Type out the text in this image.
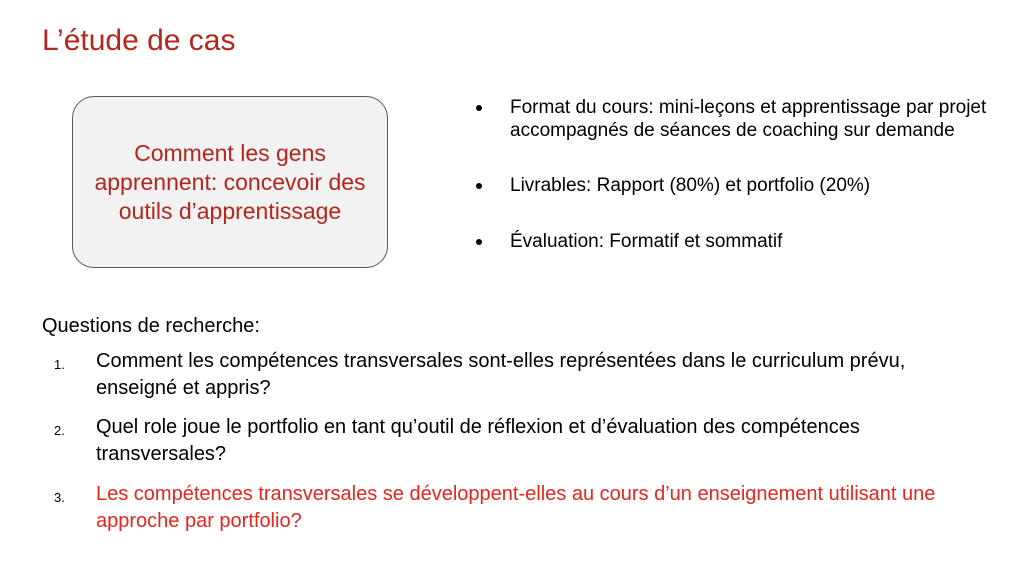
L’étude de cas
Comment les gens apprennent: concevoir des outils d’apprentissage
Format du cours: mini-leçons et apprentissage par projet accompagnés de séances de coaching sur demande
Livrables: Rapport (80%) et portfolio (20%)
Évaluation: Formatif et sommatif
Questions de recherche:
1. Comment les compétences transversales sont-elles représentées dans le curriculum prévu, enseigné et appris?
2. Quel role joue le portfolio en tant qu’outil de réflexion et d’évaluation des compétences transversales?
3. Les compétences transversales se développent-elles au cours d’un enseignement utilisant une approche par portfolio?
